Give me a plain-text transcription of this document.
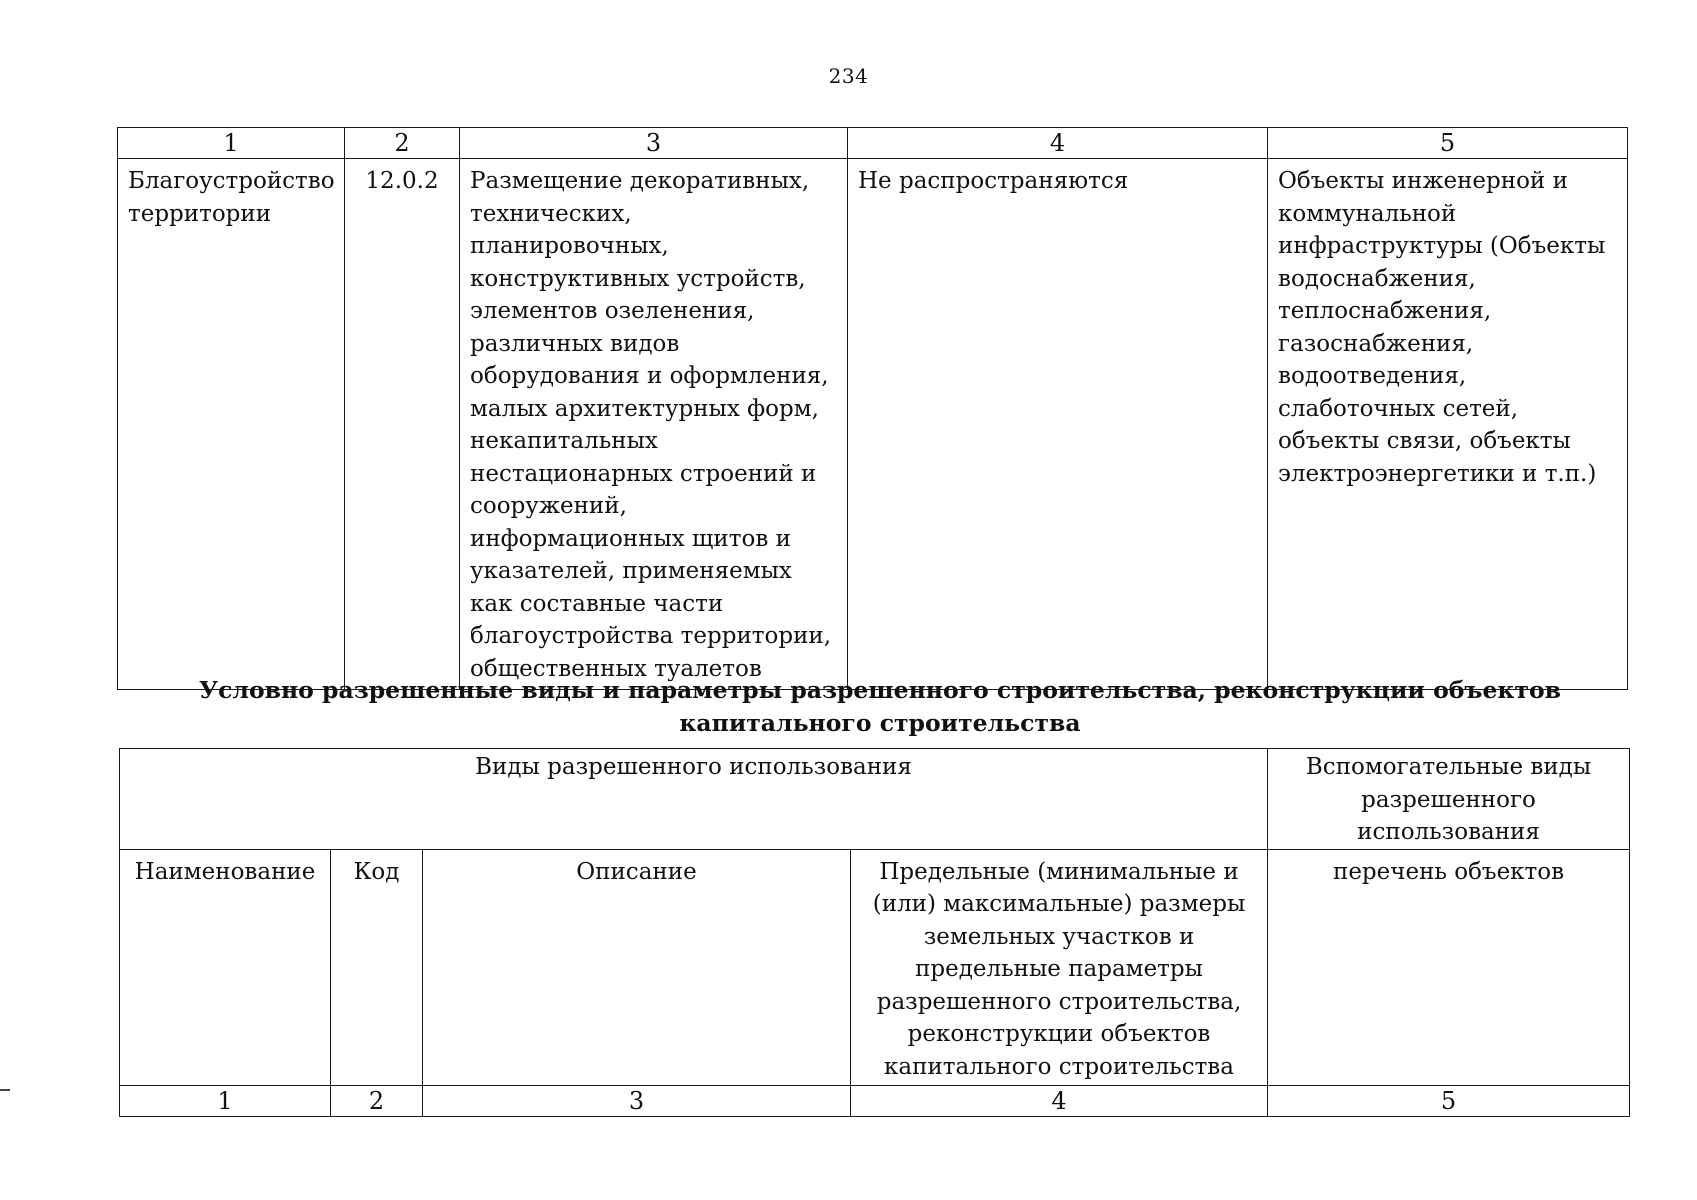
234
1	2	3	4	5
Благоустройство территории	12.0.2	Размещение декоративных, технических, планировочных, конструктивных устройств, элементов озеленения, различных видов оборудования и оформления, малых архитектурных форм, некапитальных нестационарных строений и сооружений, информационных щитов и указателей, применяемых как составные части благоустройства территории, общественных туалетов	Не распространяются	Объекты инженерной и коммунальной инфраструктуры (Объекты водоснабжения, теплоснабжения, газоснабжения, водоотведения, слаботочных сетей, объекты связи, объекты электроэнергетики и т.п.)
Условно разрешенные виды и параметры разрешенного строительства, реконструкции объектов капитального строительства
Виды разрешенного использования				Вспомогательные виды разрешенного использования
Наименование	Код	Описание	Предельные (минимальные и (или) максимальные) размеры земельных участков и предельные параметры разрешенного строительства, реконструкции объектов капитального строительства	перечень объектов
1	2	3	4	5
